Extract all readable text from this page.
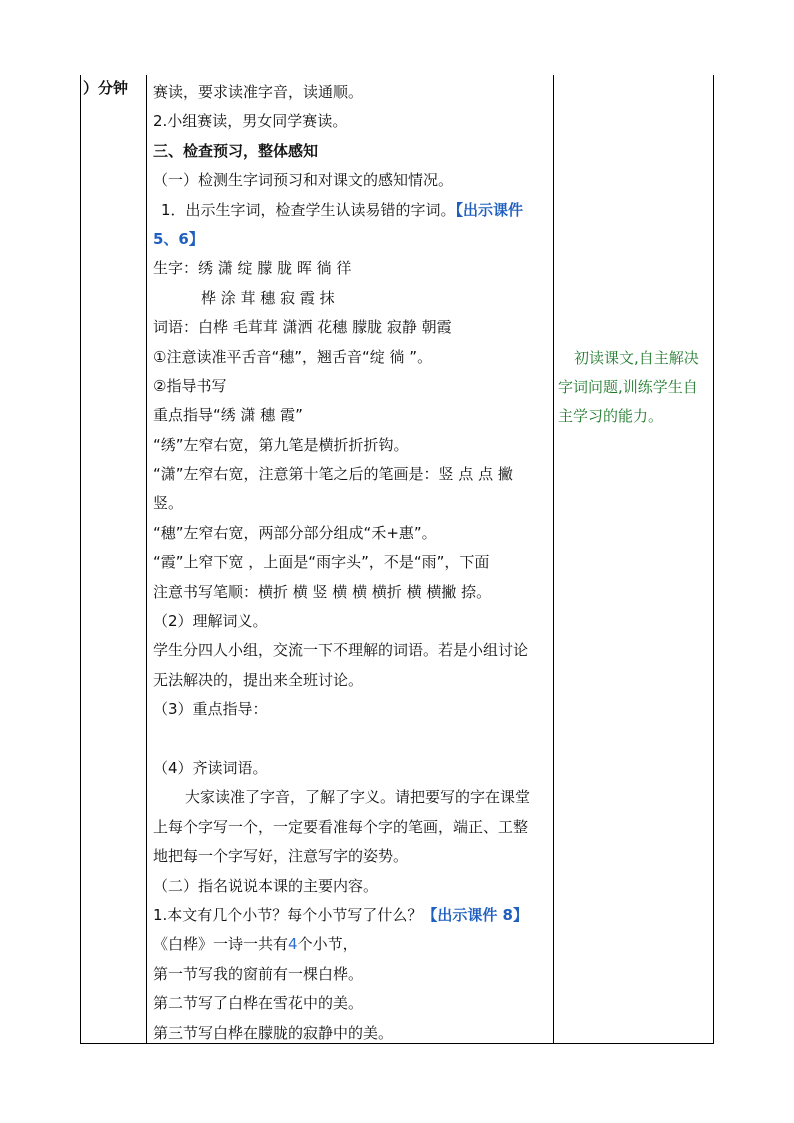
）分钟	赛读，要求读准字音，读通顺。
2.小组赛读，男女同学赛读。
三、检查预习，整体感知
（一）检测生字词预习和对课文的感知情况。
1．出示生字词，检查学生认读易错的字词。【出示课件
5、6】
生字：绣 潇 绽 朦 胧 晖 徜 徉
桦 涂 茸 穗 寂 霞 抹
词语：白桦 毛茸茸 潇洒 花穗 朦胧 寂静 朝霞
①注意读准平舌音“穗”，翘舌音“绽 徜 ”。
②指导书写
重点指导“绣 潇 穗 霞”
“绣”左窄右宽，第九笔是横折折折钩。
“潇”左窄右宽，注意第十笔之后的笔画是：竖 点 点 撇
竖。
“穗”左窄右宽，两部分部分组成“禾+惠”。
“霞”上窄下宽 ，上面是“雨字头”，不是“雨”，下面
注意书写笔顺：横折 横 竖 横 横 横折 横 横撇 捺。
（2）理解词义。
学生分四人小组，交流一下不理解的词语。若是小组讨论
无法解决的，提出来全班讨论。
（3）重点指导：
（4）齐读词语。
大家读准了字音，了解了字义。请把要写的字在课堂
上每个字写一个，一定要看准每个字的笔画，端正、工整
地把每一个字写好，注意写字的姿势。
（二）指名说说本课的主要内容。
1.本文有几个小节？每个小节写了什么？【出示课件 8】
《白桦》一诗一共有4个小节，
第一节写我的窗前有一棵白桦。
第二节写了白桦在雪花中的美。
第三节写白桦在朦胧的寂静中的美。
初读课文,自主解决
字词问题,训练学生自
主学习的能力。
